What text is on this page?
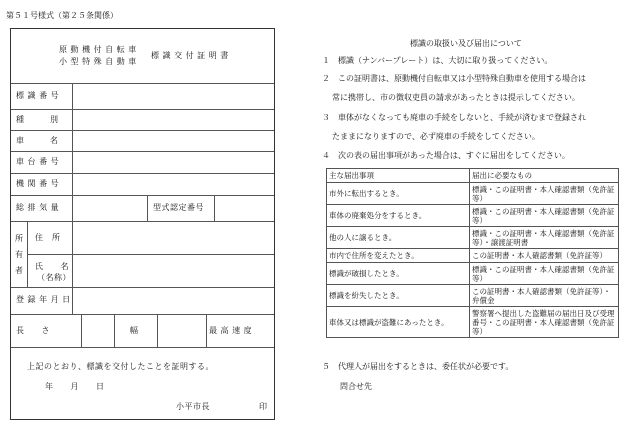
第５１号様式（第２５条関係）
原 動 機 付 自 転 車
小 型 特 殊 自 動 車
標 識 交 付 証 明 書
標 識 番 号
種　　　別
車　　　名
車 台 番 号
機 関 番 号
総 排 気 量	型式認定番号
所
有
者
住　所
氏　　名
（名称）
登 録 年 月 日
長　　さ	幅	最 高 速 度
上記のとおり、標識を交付したことを証明する。
年　　月　　日
小平市長	印
標識の取扱い及び届出について
１　標識（ナンバープレート）は、大切に取り扱ってください。
２　この証明書は、原動機付自転車又は小型特殊自動車を使用する場合は
常に携帯し、市の徴収吏員の請求があったときは提示してください。
３　車体がなくなっても廃車の手続をしないと、手続が済むまで登録され
たままになりますので、必ず廃車の手続をしてください。
４　次の表の届出事項があった場合は、すぐに届出をしてください。
主な届出事項	届出に必要なもの
市外に転出するとき。	標識・この証明書・本人確認書類（免許証等）
車体の廃棄処分をするとき。	標識・この証明書・本人確認書類（免許証等）
他の人に譲るとき。	標識・この証明書・本人確認書類（免許証等）・譲渡証明書
市内で住所を変えたとき。	この証明書・本人確認書類（免許証等）
標識が破損したとき。	標識・この証明書・本人確認書類（免許証等）
標識を紛失したとき。	この証明書・本人確認書類（免許証等）・弁償金
車体又は標識が盗難にあったとき。	警察署へ提出した盗難届の届出日及び受理番号・この証明書・本人確認書類（免許証等）
５　代理人が届出をするときは、委任状が必要です。
問合せ先
